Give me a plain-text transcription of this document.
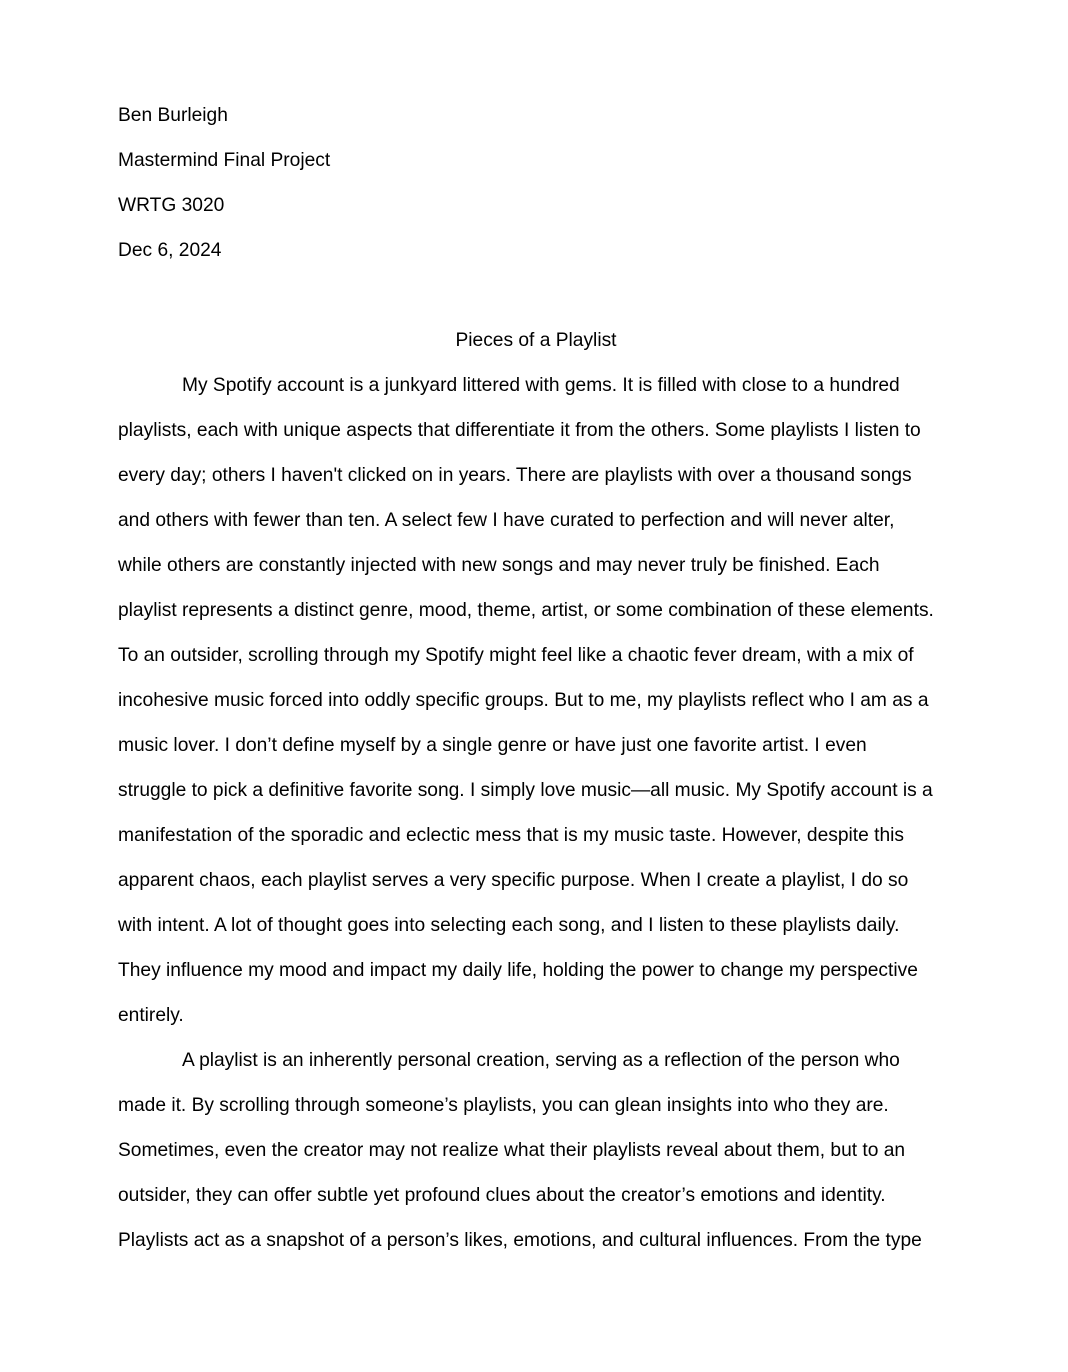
Ben Burleigh

Mastermind Final Project

WRTG 3020

Dec 6, 2024

Pieces of a Playlist

My Spotify account is a junkyard littered with gems. It is filled with close to a hundred
playlists, each with unique aspects that differentiate it from the others. Some playlists I listen to
every day; others I haven't clicked on in years. There are playlists with over a thousand songs
and others with fewer than ten. A select few I have curated to perfection and will never alter,
while others are constantly injected with new songs and may never truly be finished. Each
playlist represents a distinct genre, mood, theme, artist, or some combination of these elements.
To an outsider, scrolling through my Spotify might feel like a chaotic fever dream, with a mix of
incohesive music forced into oddly specific groups. But to me, my playlists reflect who I am as a
music lover. I don’t define myself by a single genre or have just one favorite artist. I even
struggle to pick a definitive favorite song. I simply love music—all music. My Spotify account is a
manifestation of the sporadic and eclectic mess that is my music taste. However, despite this
apparent chaos, each playlist serves a very specific purpose. When I create a playlist, I do so
with intent. A lot of thought goes into selecting each song, and I listen to these playlists daily.
They influence my mood and impact my daily life, holding the power to change my perspective
entirely.

A playlist is an inherently personal creation, serving as a reflection of the person who
made it. By scrolling through someone’s playlists, you can glean insights into who they are.
Sometimes, even the creator may not realize what their playlists reveal about them, but to an
outsider, they can offer subtle yet profound clues about the creator’s emotions and identity.
Playlists act as a snapshot of a person’s likes, emotions, and cultural influences. From the type
